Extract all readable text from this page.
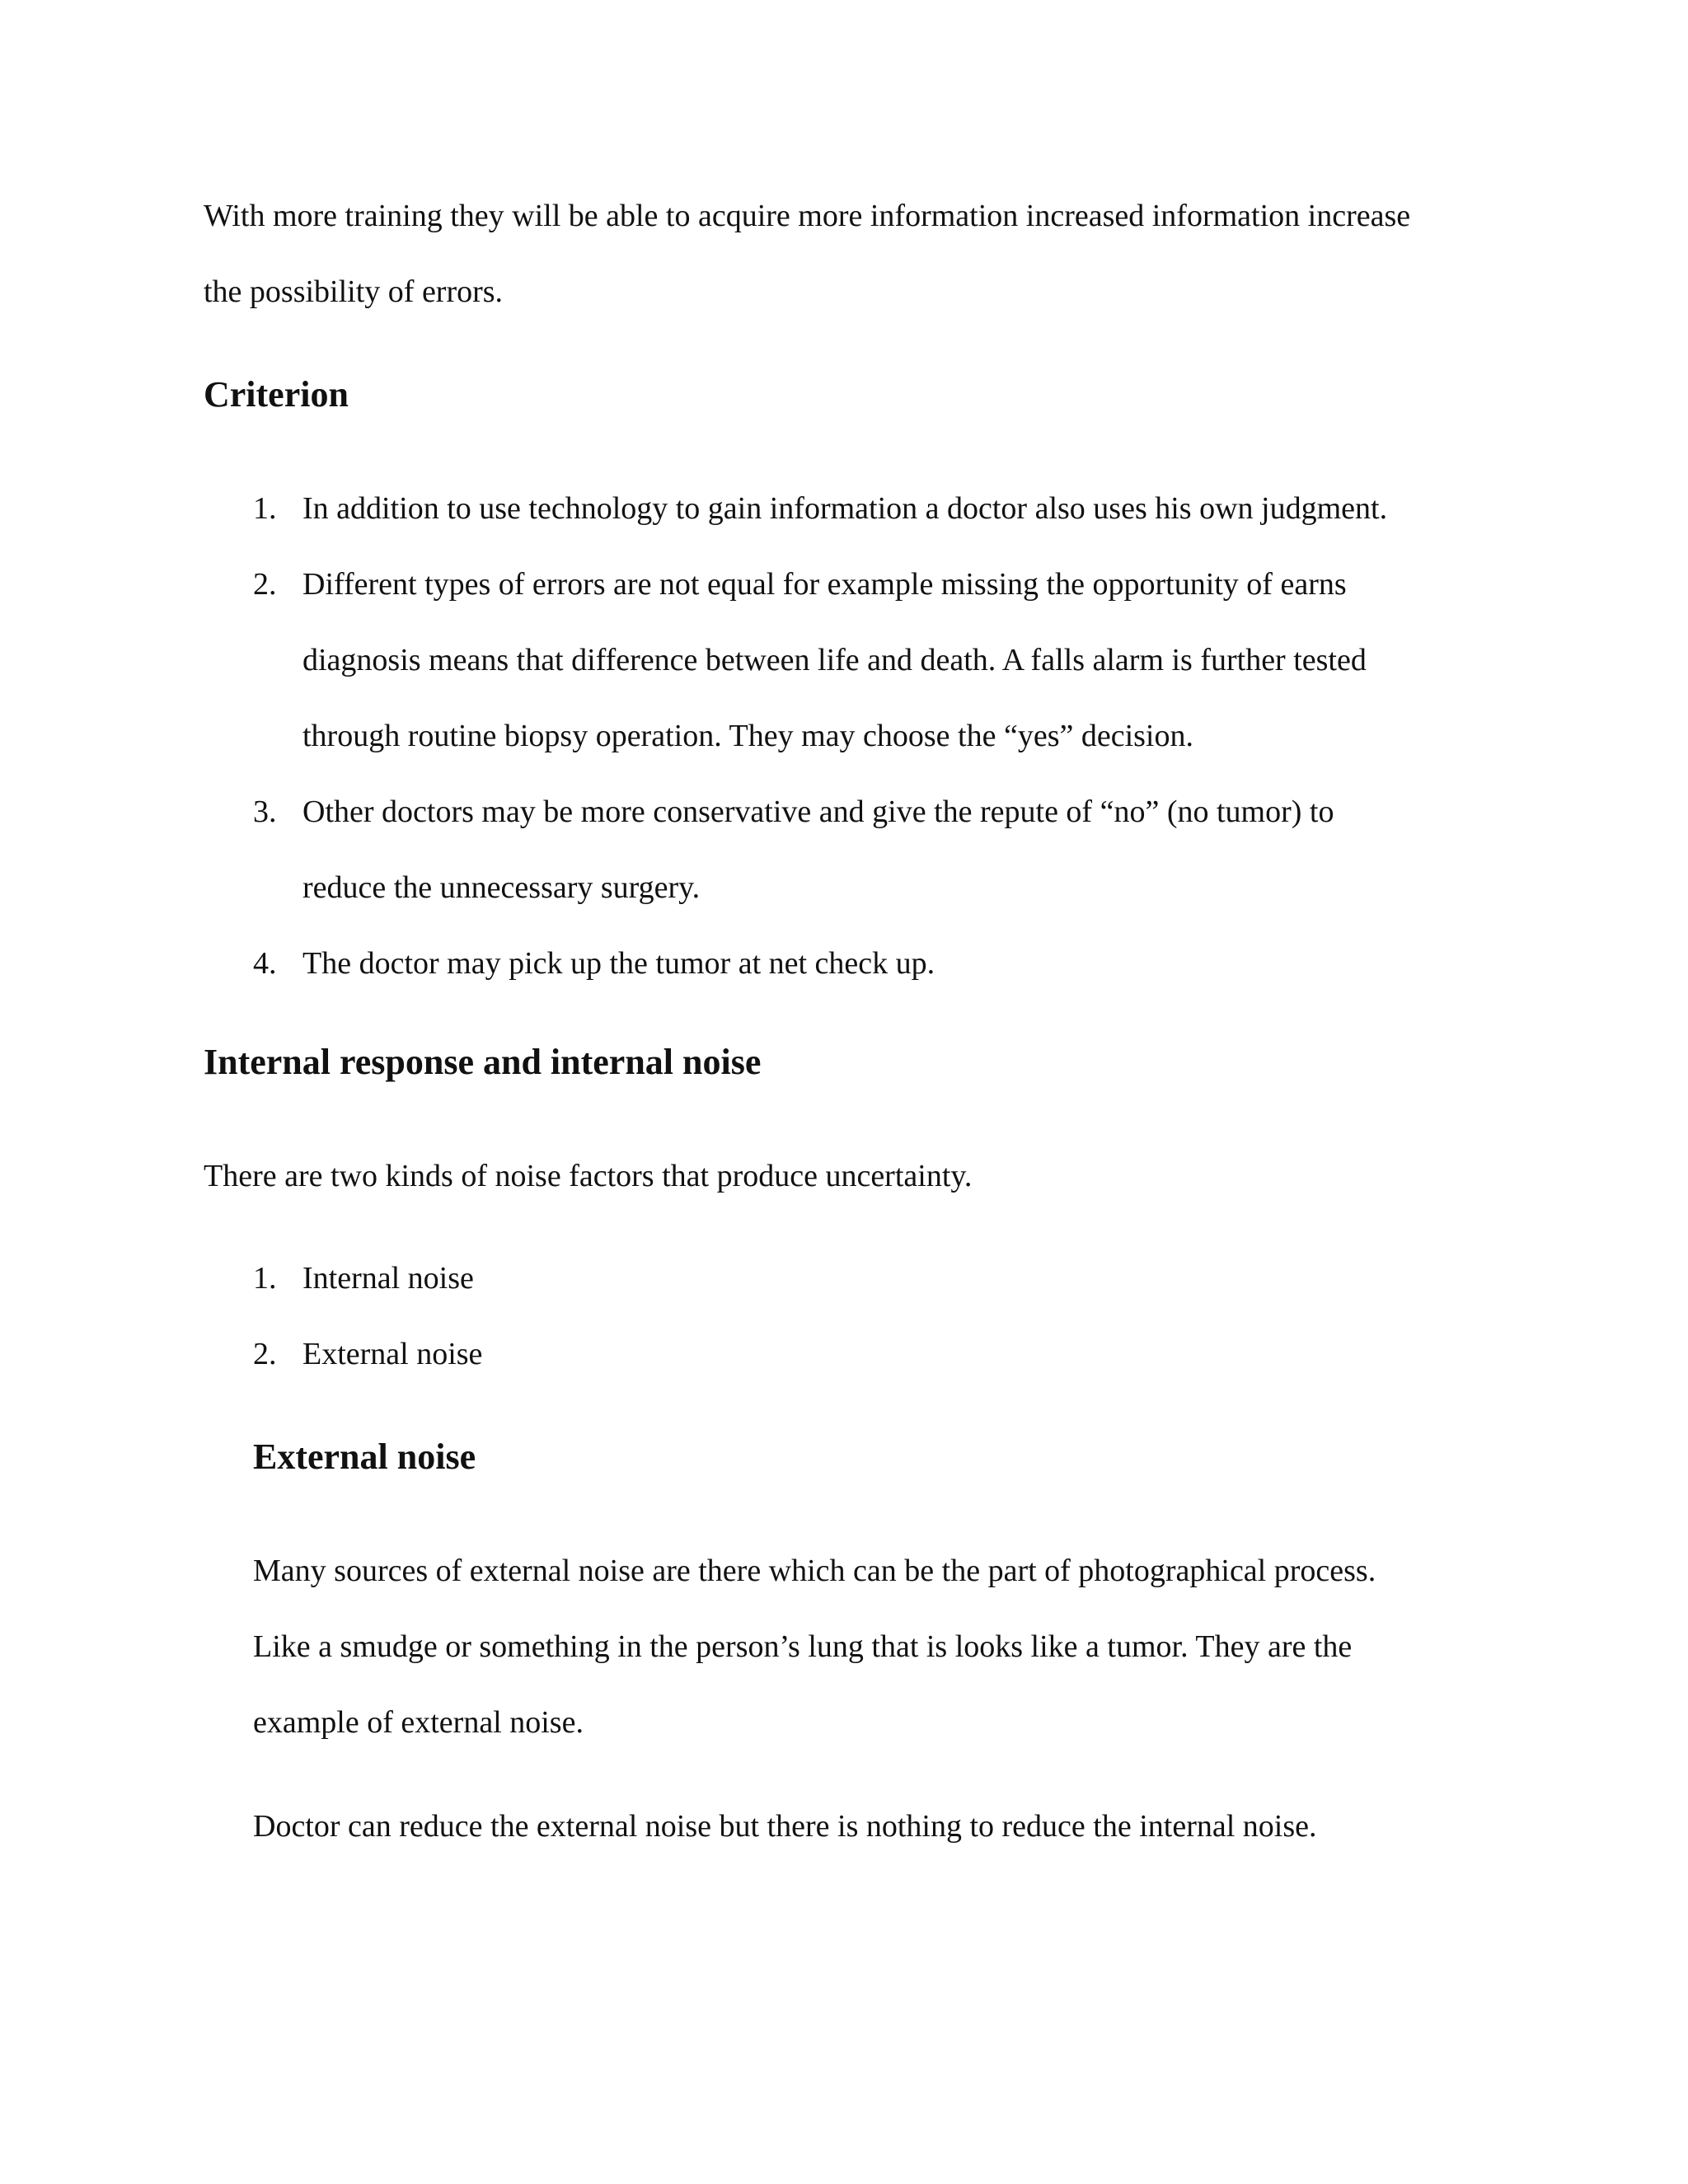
With more training they will be able to acquire more information increased information increase
the possibility of errors.

Criterion
1. In addition to use technology to gain information a doctor also uses his own judgment.
2. Different types of errors are not equal for example missing the opportunity of earns
diagnosis means that difference between life and death. A falls alarm is further tested
through routine biopsy operation. They may choose the “yes” decision.
3. Other doctors may be more conservative and give the repute of “no” (no tumor) to
reduce the unnecessary surgery.
4. The doctor may pick up the tumor at net check up.
Internal response and internal noise

There are two kinds of noise factors that produce uncertainty.

1. Internal noise
2. External noise
External noise

Many sources of external noise are there which can be the part of photographical process.
Like a smudge or something in the person’s lung that is looks like a tumor. They are the
example of external noise.

Doctor can reduce the external noise but there is nothing to reduce the internal noise.
